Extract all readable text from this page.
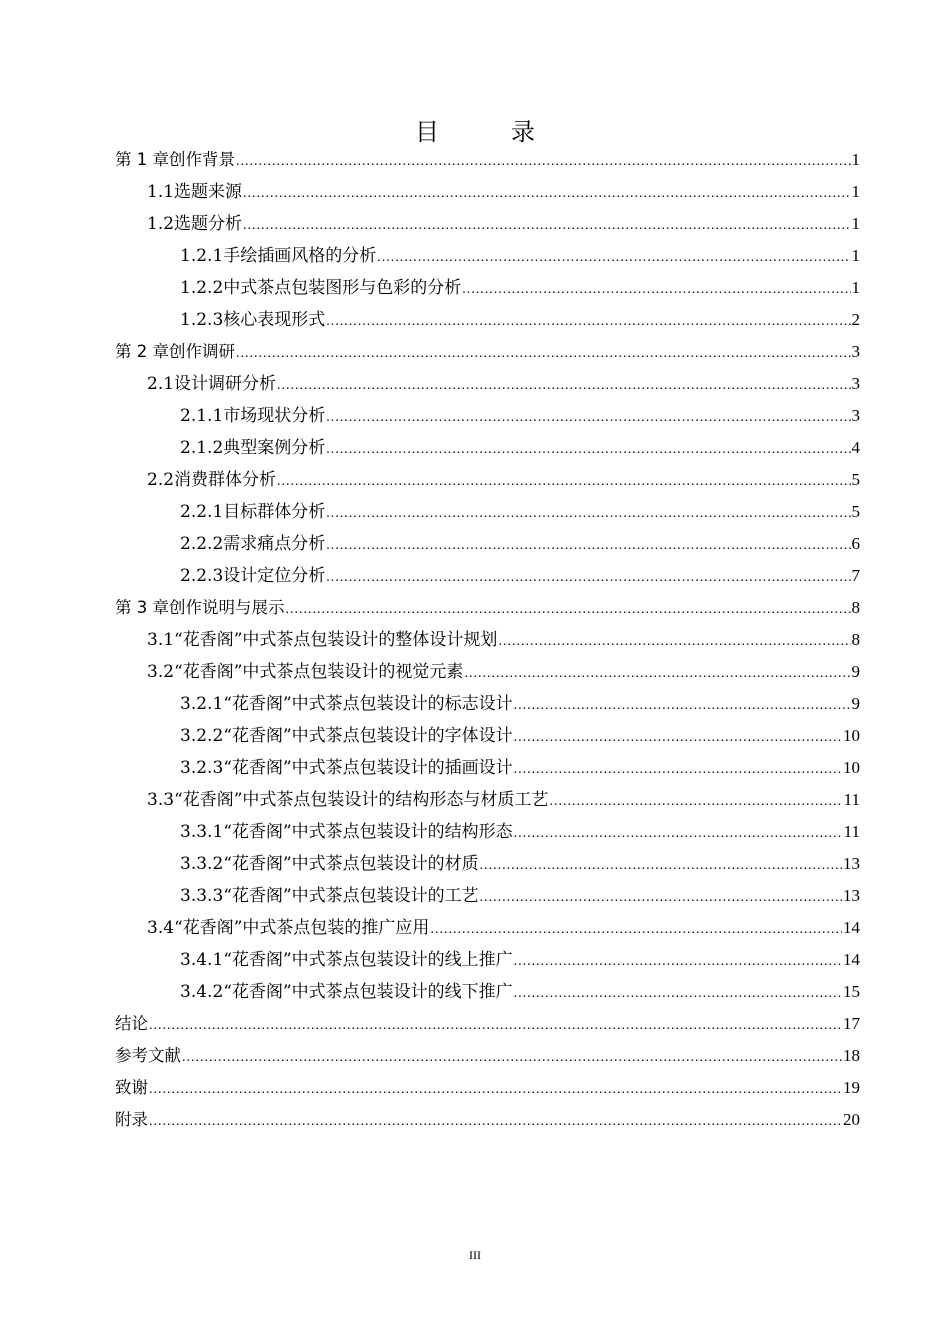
目　录
第 1 章 创作背景 .....	1
1.1 选题来源 .....	1
1.2 选题分析 .....	1
1.2.1 手绘插画风格的分析 .....	1
1.2.2 中式茶点包装图形与色彩的分析 .....	1
1.2.3 核心表现形式 .....	2
第 2 章 创作调研 .....	3
2.1 设计调研分析 .....	3
2.1.1 市场现状分析 .....	3
2.1.2 典型案例分析 .....	4
2.2 消费群体分析 .....	5
2.2.1 目标群体分析 .....	5
2.2.2 需求痛点分析 .....	6
2.2.3 设计定位分析 .....	7
第 3 章 创作说明与展示 .....	8
3.1 “花香阁”中式茶点包装设计的整体设计规划 .....	8
3.2 “花香阁”中式茶点包装设计的视觉元素 .....	9
3.2.1 “花香阁”中式茶点包装设计的标志设计 .....	9
3.2.2 “花香阁”中式茶点包装设计的字体设计 .....	10
3.2.3 “花香阁”中式茶点包装设计的插画设计 .....	10
3.3 “花香阁”中式茶点包装设计的结构形态与材质工艺 .....	11
3.3.1 “花香阁”中式茶点包装设计的结构形态 .....	11
3.3.2 “花香阁”中式茶点包装设计的材质 .....	13
3.3.3 “花香阁”中式茶点包装设计的工艺 .....	13
3.4 “花香阁”中式茶点包装的推广应用 .....	14
3.4.1 “花香阁”中式茶点包装设计的线上推广 .....	14
3.4.2 “花香阁”中式茶点包装设计的线下推广 .....	15
结论 .....	17
参考文献 .....	18
致谢 .....	19
附录 .....	20
III
